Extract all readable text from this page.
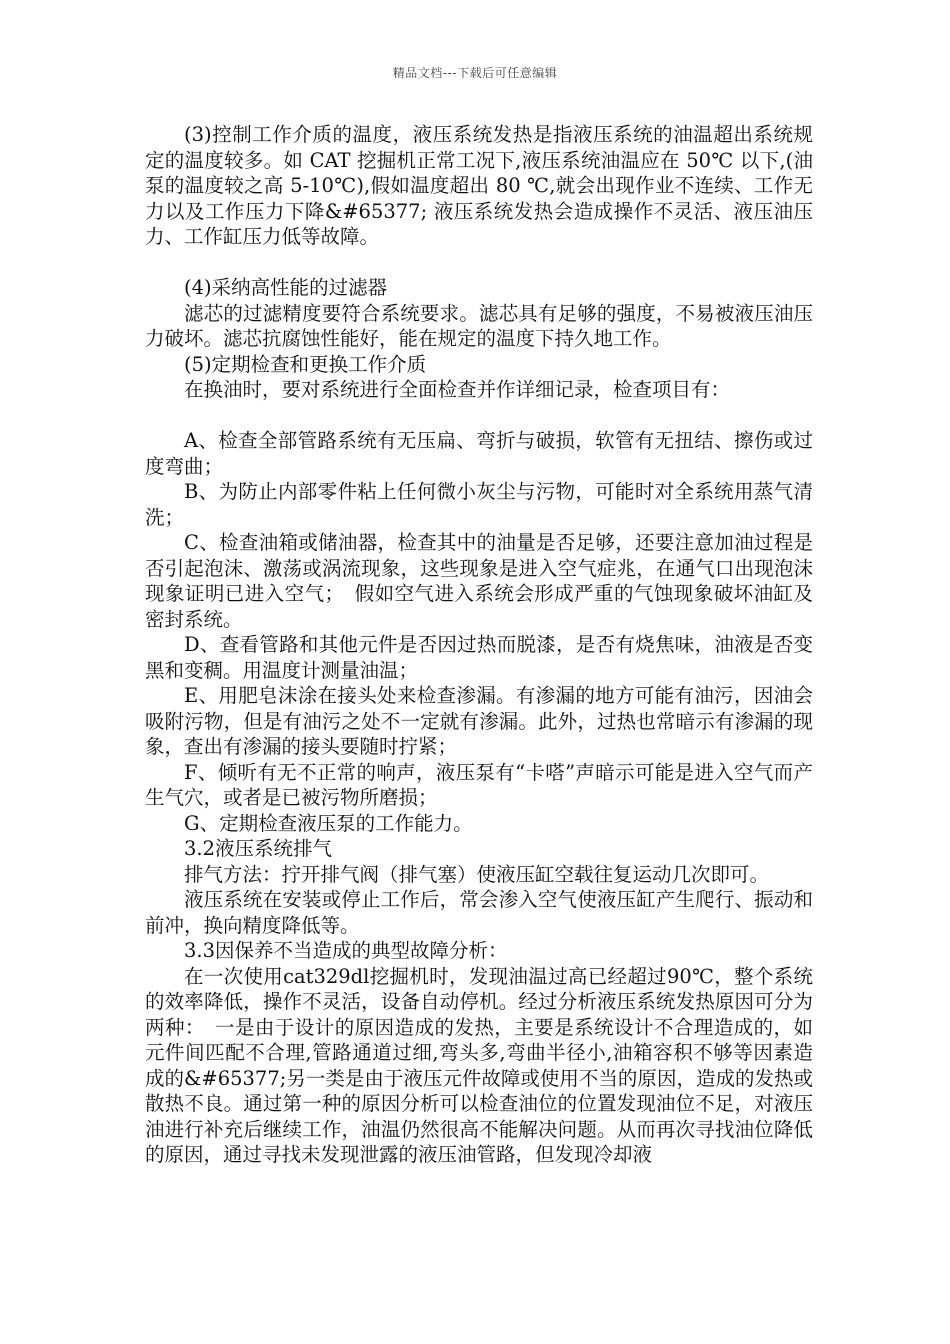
精品文档---下载后可任意编辑

(3)控制工作介质的温度，液压系统发热是指液压系统的油温超出系统规定的温度较多。如 CAT 挖掘机正常工况下,液压系统油温应在 50℃ 以下,(油泵的温度较之高 5-10℃),假如温度超出 80 ℃,就会出现作业不连续、工作无力以及工作压力下降&#65377; 液压系统发热会造成操作不灵活、液压油压力、工作缸压力低等故障。

(4)采纳高性能的过滤器

滤芯的过滤精度要符合系统要求。滤芯具有足够的强度，不易被液压油压力破坏。滤芯抗腐蚀性能好，能在规定的温度下持久地工作。

(5)定期检查和更换工作介质

在换油时，要对系统进行全面检查并作详细记录，检查项目有：

A、检查全部管路系统有无压扁、弯折与破损，软管有无扭结、擦伤或过度弯曲；

B、为防止内部零件粘上任何微小灰尘与污物，可能时对全系统用蒸气清洗；

C、检查油箱或储油器，检查其中的油量是否足够，还要注意加油过程是否引起泡沫、激荡或涡流现象，这些现象是进入空气症兆，在通气口出现泡沫现象证明已进入空气；　假如空气进入系统会形成严重的气蚀现象破坏油缸及密封系统。

D、查看管路和其他元件是否因过热而脱漆，是否有烧焦味，油液是否变黑和变稠。用温度计测量油温；

E、用肥皂沫涂在接头处来检查渗漏。有渗漏的地方可能有油污，因油会吸附污物，但是有油污之处不一定就有渗漏。此外，过热也常暗示有渗漏的现象，查出有渗漏的接头要随时拧紧；

F、倾听有无不正常的响声，液压泵有“卡嗒”声暗示可能是进入空气而产生气穴，或者是已被污物所磨损；

G、定期检查液压泵的工作能力。

3.2液压系统排气

排气方法：拧开排气阀（排气塞）使液压缸空载往复运动几次即可。

液压系统在安装或停止工作后，常会渗入空气使液压缸产生爬行、振动和前冲，换向精度降低等。

3.3因保养不当造成的典型故障分析：

在一次使用cat329dl挖掘机时，发现油温过高已经超过90℃，整个系统的效率降低，操作不灵活，设备自动停机。经过分析液压系统发热原因可分为两种：　一是由于设计的原因造成的发热，主要是系统设计不合理造成的，如元件间匹配不合理,管路通道过细,弯头多,弯曲半径小,油箱容积不够等因素造成的&#65377;另一类是由于液压元件故障或使用不当的原因，造成的发热或散热不良。通过第一种的原因分析可以检查油位的位置发现油位不足，对液压油进行补充后继续工作，油温仍然很高不能解决问题。从而再次寻找油位降低的原因，通过寻找未发现泄露的液压油管路，但发现冷却液
